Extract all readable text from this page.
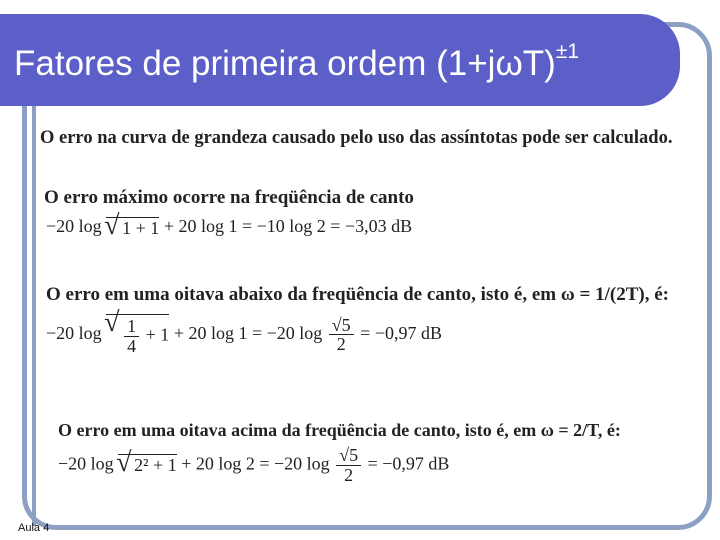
Fatores de primeira ordem $(1+j\omega T)^{\pm 1}$
O erro na curva de grandeza causado pelo uso das assíntotas pode ser calculado.
O erro máximo ocorre na freqüência de canto
−20 log √ 1 + 1 + 20 log 1 = −10 log 2 = −3,03 dB
O erro em uma oitava abaixo da freqüência de canto, isto é, em ω = 1/(2T), é:
−20 log √ $\frac{1}{4} + 1 + 20$ log 1 = −20 $\log \frac{√5}{2} = -0,97$ dB
O erro em uma oitava acima da freqüência de canto, isto é, em ω = 2/T, é:
−20 log √ 2² + 1 + 20 log 2 = −20 $\log \frac{√5}{2} = -0,97$ dB
Aula 4
